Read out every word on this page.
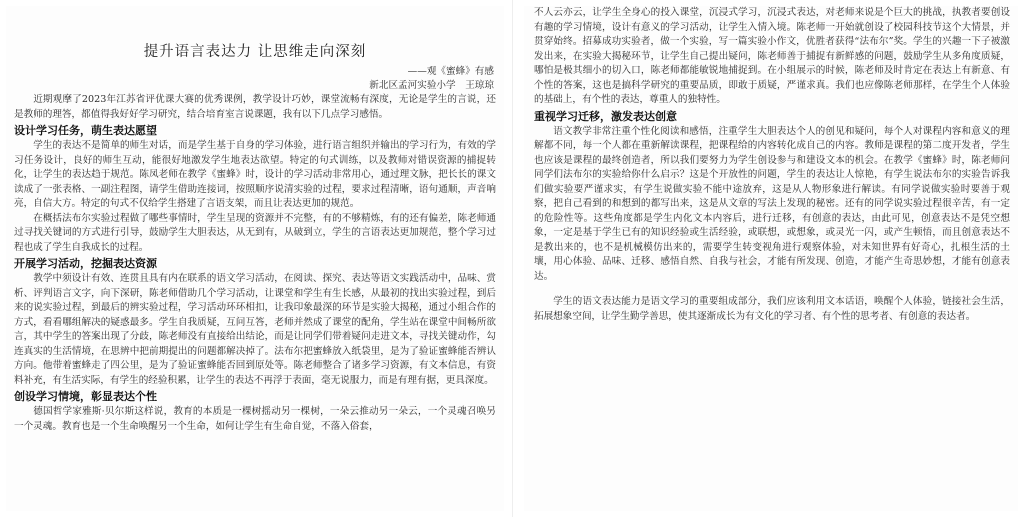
提升语言表达力 让思维走向深刻
——观《蜜蜂》有感
新北区孟河实验小学　王琼琼

近期观摩了2023年江苏省评优课大赛的优秀课例，教学设计巧妙，课堂流畅有深度，无论是学生的言说，还是教师的理答，都值得我好好学习研究，结合培育室言说课题，我有以下几点学习感悟。

设计学习任务，萌生表达愿望

学生的表达不是简单的师生对话，而是学生基于自身的学习体验，进行语言组织并输出的学习行为，有效的学习任务设计，良好的师生互动，能很好地激发学生地表达欲望。特定的句式训练，以及教师对错误资源的捕捉转化，让学生的表达趋于规范。陈凤老师在教学《蜜蜂》时，设计的学习活动非常用心，通过理文脉，把长长的课文读成了一张表格、一副注程图，请学生借助连接词，按照顺序说清实验的过程，要求过程清晰，语句通顺，声音响亮，自信大方。特定的句式不仅给学生搭建了言语支架，而且让表达更加的规范。

在概括法布尔实验过程做了哪些事情时，学生呈现的资源并不完整，有的不够精炼，有的还有偏差，陈老师通过寻找关键词的方式进行引导，鼓励学生大胆表达，从无到有，从破到立，学生的言语表达更加规范，整个学习过程也成了学生自我成长的过程。

开展学习活动，挖掘表达资源

教学中须设计有效、连贯且具有内在联系的语文学习活动，在阅读、探究、表达等语文实践活动中，品味、赏析、评判语言文字，向下深研，陈老师借助几个学习活动，让课堂和学生有生长感，从最初的找出实验过程，到后来的说实验过程，到最后的辨实验过程，学习活动环环相扣，让我印象最深的环节是实验大揭秘，通过小组合作的方式，看看哪组解决的疑惑最多。学生自我质疑，互问互答，老师并然成了课堂的配角，学生站在课堂中间畅所欲言，其中学生的答案出现了分歧，陈老师没有直接给出结论，而是让同学们带着疑问走进文本，寻找关键动作，勾连真实的生活情境，在思辨中把前期提出的问题都解决掉了。法布尔把蜜蜂放入纸袋里，是为了验证蜜蜂能否辨认方向。他带着蜜蜂走了四公里，是为了验证蜜蜂能否回到原处等。陈老师整合了诸多学习资源，有文本信息，有资料补充，有生活实际，有学生的经验积累，让学生的表达不再浮于表面，毫无说服力，而是有理有据，更具深度。

创设学习情境，彰显表达个性

德国哲学家雅斯·贝尔斯这样说，教育的本质是一棵树摇动另一棵树，一朵云推动另一朵云，一个灵魂召唤另一个灵魂。教育也是一个生命唤醒另一个生命，如何让学生有生命自觉，不落入俗套，

不人云亦云，让学生全身心的投入课堂，沉浸式学习，沉浸式表达，对老师来说是个巨大的挑战，执教者要创设有趣的学习情境，设计有意义的学习活动，让学生入情入境。陈老师一开始就创设了校园科技节这个大情景，并贯穿始终。招募成功实验者，做一个实验，写一篇实验小作文，优胜者获得“法布尔”奖。学生的兴趣一下子被激发出来，在实验大揭秘环节，让学生自己提出疑问，陈老师善于捕捉有新鲜感的问题，鼓励学生从多角度质疑，哪怕是极其细小的切入口，陈老师都能敏锐地捕捉到。在小组展示的时候，陈老师及时肯定在表达上有新意、有个性的答案，这也是搞科学研究的重要品质，即敢于质疑，严谨求真。我们也应像陈老师那样，在学生个人体验的基础上，有个性的表达，尊重人的独特性。

重视学习迁移，激发表达创意

语文教学非常注重个性化阅读和感悟，注重学生大胆表达个人的创见和疑问，每个人对课程内容和意义的理解都不同，每一个人都在重新解读课程，把课程给的内容转化成自己的内容。教师是课程的第二度开发者，学生也应该是课程的最终创造者，所以我们要努力为学生创设参与和建设文本的机会。在教学《蜜蜂》时，陈老师问同学们法布尔的实验给你什么启示？这是个开放性的问题，学生的表达让人惊艳，有学生说法布尔的实验告诉我们做实验要严谨求实，有学生说做实验不能中途放弃，这是从人物形象进行解读。有同学说做实验时要善于观察，把自己看到的和想到的都写出来，这是从文章的写法上发现的秘密。还有的同学说实验过程很辛苦，有一定的危险性等。这些角度都是学生内化文本内容后，进行迁移，有创意的表达，由此可见，创意表达不是凭空想象，一定是基于学生已有的知识经验或生活经验，或联想，或想象，或灵光一闪，或产生顿悟，而且创意表达不是教出来的，也不是机械模仿出来的，需要学生转变视角进行观察体验，对未知世界有好奇心，扎根生活的土壤，用心体验、品味、迁移、感悟自然、自我与社会，才能有所发现、创造，才能产生奇思妙想，才能有创意表达。

学生的语文表达能力是语文学习的重要组成部分，我们应该利用文本话语，唤醒个人体验，链接社会生活，拓展想象空间，让学生勤学善思，使其逐渐成长为有文化的学习者、有个性的思考者、有创意的表达者。
